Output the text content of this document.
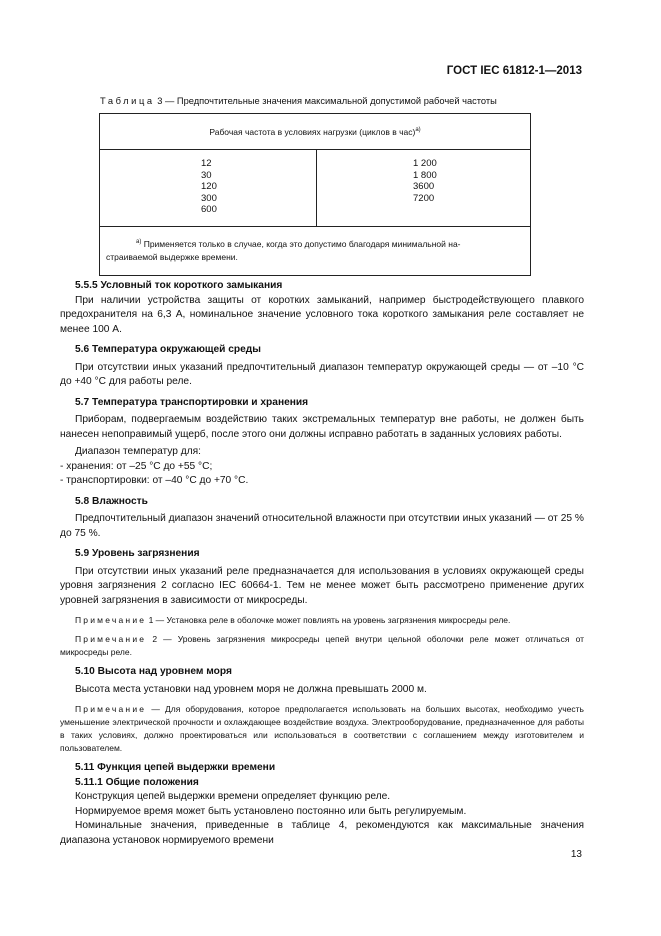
ГОСТ IEC 61812-1—2013
Таблица 3 — Предпочтительные значения максимальной допустимой рабочей частоты
Рабочая частота в условиях нагрузки (циклов в час)$^{а)}$

12
30
120
300
600

1 200
1 800
3600
7200

$^{а)}$ Применяется только в случае, когда это допустимо благодаря минимальной на-
страиваемой выдержке времени.

5.5.5 Условный ток короткого замыкания

При наличии устройства защиты от коротких замыканий, например быстродействующего плавкого предохранителя на 6,3 А, номинальное значение условного тока короткого замыкания реле составляет не менее 100 А.

5.6 Температура окружающей среды

При отсутствии иных указаний предпочтительный диапазон температур окружающей среды — от –10 °С до +40 °С для работы реле.

5.7 Температура транспортировки и хранения

Приборам, подвергаемым воздействию таких экстремальных температур вне работы, не должен быть нанесен непоправимый ущерб, после этого они должны исправно работать в заданных условиях работы.

Диапазон температур для:

- хранения: от –25 °С до +55 °С;

- транспортировки: от –40 °С до +70 °С.

5.8 Влажность

Предпочтительный диапазон значений относительной влажности при отсутствии иных указаний — от 25 % до 75 %.

5.9 Уровень загрязнения

При отсутствии иных указаний реле предназначается для использования в условиях окружающей среды уровня загрязнения 2 согласно IEC 60664-1. Тем не менее может быть рассмотрено применение других уровней загрязнения в зависимости от микросреды.

Примечание 1 — Установка реле в оболочке может повлиять на уровень загрязнения микросреды реле.

Примечание 2 — Уровень загрязнения микросреды цепей внутри цельной оболочки реле может отличаться от микросреды реле.

5.10 Высота над уровнем моря

Высота места установки над уровнем моря не должна превышать 2000 м.

Примечание — Для оборудования, которое предполагается использовать на больших высотах, необходимо учесть уменьшение электрической прочности и охлаждающее воздействие воздуха. Электрооборудование, предназначенное для работы в таких условиях, должно проектироваться или использоваться в соответствии с соглашением между изготовителем и пользователем.

5.11 Функция цепей выдержки времени

5.11.1 Общие положения

Конструкция цепей выдержки времени определяет функцию реле.

Нормируемое время может быть установлено постоянно или быть регулируемым.

Номинальные значения, приведенные в таблице 4, рекомендуются как максимальные значения диапазона установок нормируемого времени

13
